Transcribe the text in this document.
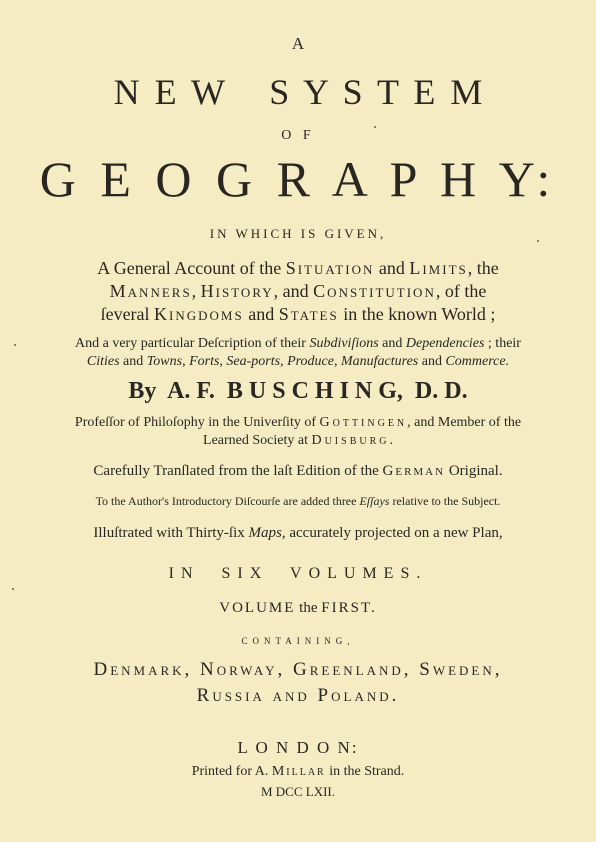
A
N E W   S Y S T E M
O F
G E O G R A P H Y:
IN WHICH IS GIVEN,
A General Account of the Situation and Limits, the
Manners, History, and Constitution, of the
ſeveral Kingdoms and States in the known World ;
And a very particular Deſcription of their Subdiviſions and Dependencies ; their
Cities and Towns, Forts, Sea-ports, Produce, Manufactures and Commerce.
By  A. F.  B U S C H I N G,  D. D.
Profeſſor of Philoſophy in the Univerſity of Gottingen, and Member of the
Learned Society at Duisburg.
Carefully Tranſlated from the laſt Edition of the German Original.
To the Author's Introductory Diſcourſe are added three Eſſays relative to the Subject.
Illuſtrated with Thirty-ſix Maps, accurately projected on a new Plan,
IN  SIX  VOLUMES.
VOLUME the FIRST.
CONTAINING,
Denmark, Norway, Greenland, Sweden,
Russia and Poland.
L O N D O N:
Printed for A. Millar in the Strand.
M DCC LXII.
